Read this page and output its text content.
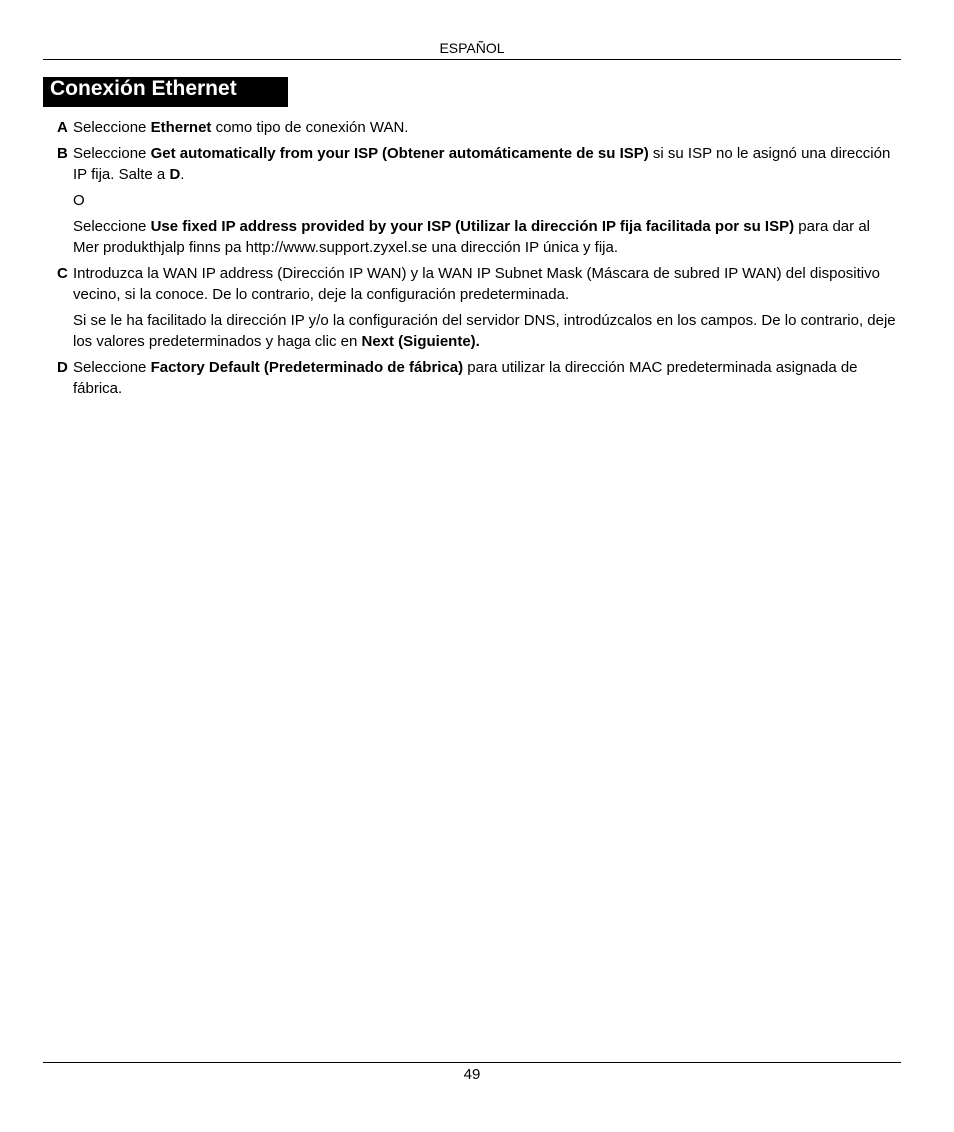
ESPAÑOL
Conexión Ethernet

A Seleccione Ethernet como tipo de conexión WAN.

B Seleccione Get automatically from your ISP (Obtener automáticamente de su ISP) si su ISP no le asignó una dirección IP fija. Salte a D.

O

Seleccione Use fixed IP address provided by your ISP (Utilizar la dirección IP fija facilitada por su ISP) para dar al Mer produkthjalp finns pa http://www.support.zyxel.se una dirección IP única y fija.

C Introduzca la WAN IP address (Dirección IP WAN) y la WAN IP Subnet Mask (Máscara de subred IP WAN) del dispositivo vecino, si la conoce. De lo contrario, deje la configuración predeterminada.

Si se le ha facilitado la dirección IP y/o la configuración del servidor DNS, introdúzcalos en los campos. De lo contrario, deje los valores predeterminados y haga clic en Next (Siguiente).

D Seleccione Factory Default (Predeterminado de fábrica) para utilizar la dirección MAC predeterminada asignada de fábrica.

49
